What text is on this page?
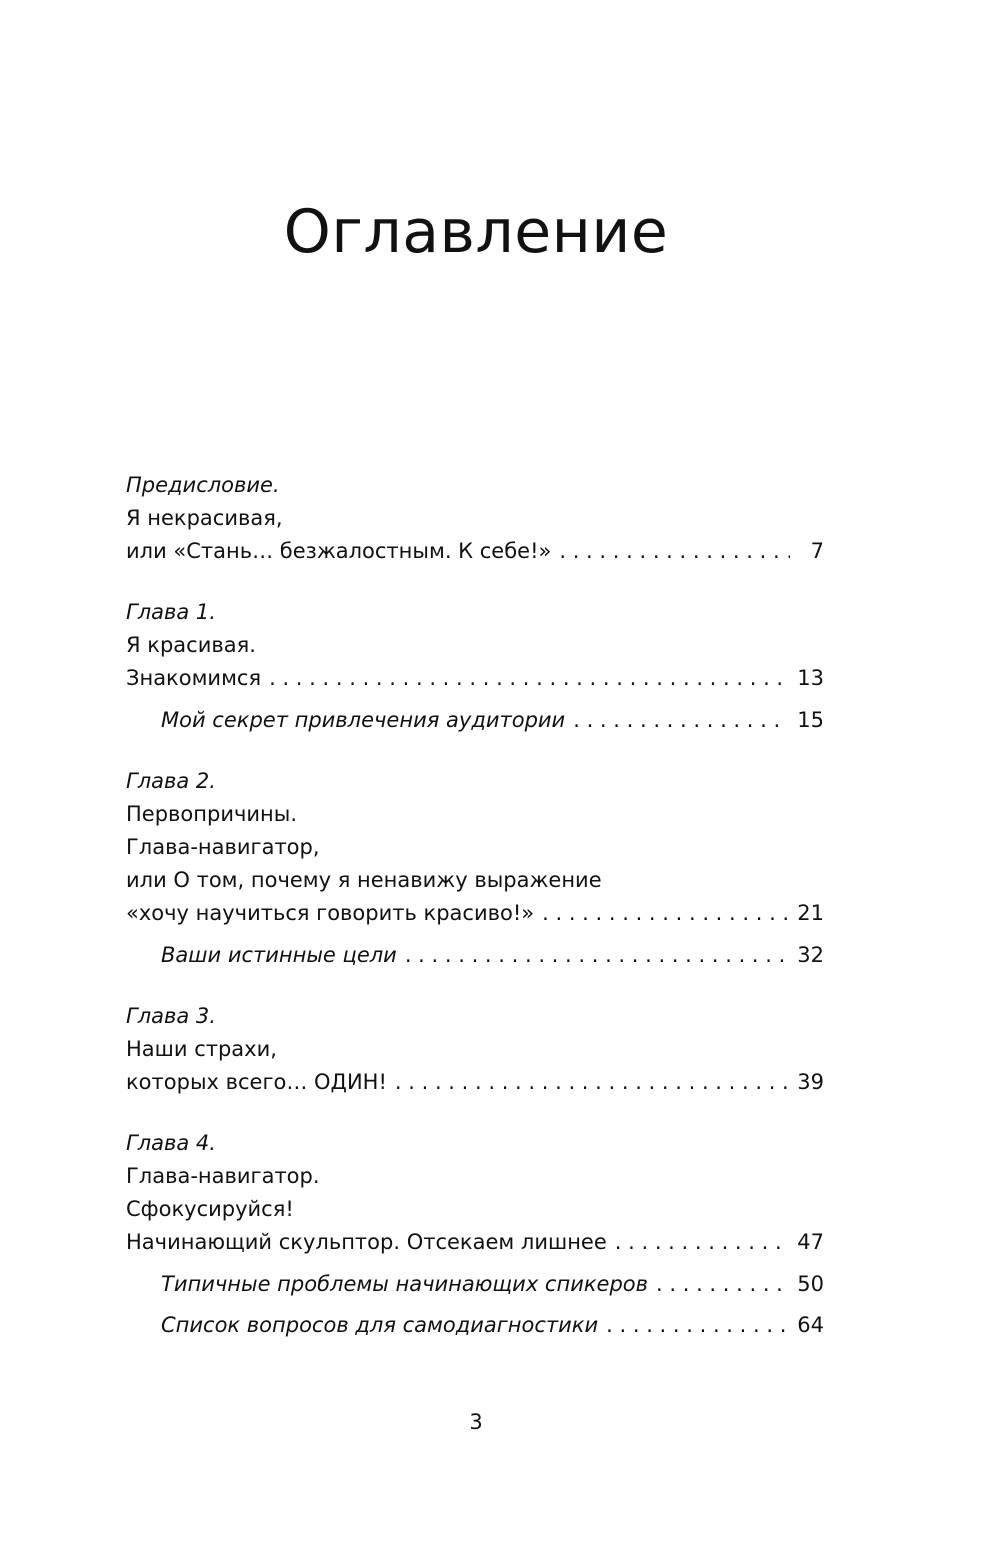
Оглавление
Предисловие.
Я некрасивая,
или «Стань… безжалостным. К себе!» . . .	7
Глава 1.
Я красивая.
Знакомимся . . .	13
Мой секрет привлечения аудитории . . .	15
Глава 2.
Первопричины.
Глава-навигатор,
или О том, почему я ненавижу выражение
«хочу научиться говорить красиво!» . . .	21
Ваши истинные цели . . .	32
Глава 3.
Наши страхи,
которых всего… ОДИН! . . .	39
Глава 4.
Глава-навигатор.
Сфокусируйся!
Начинающий скульптор. Отсекаем лишнее . . .	47
Типичные проблемы начинающих спикеров . . .	50
Список вопросов для самодиагностики . . .	64
3
